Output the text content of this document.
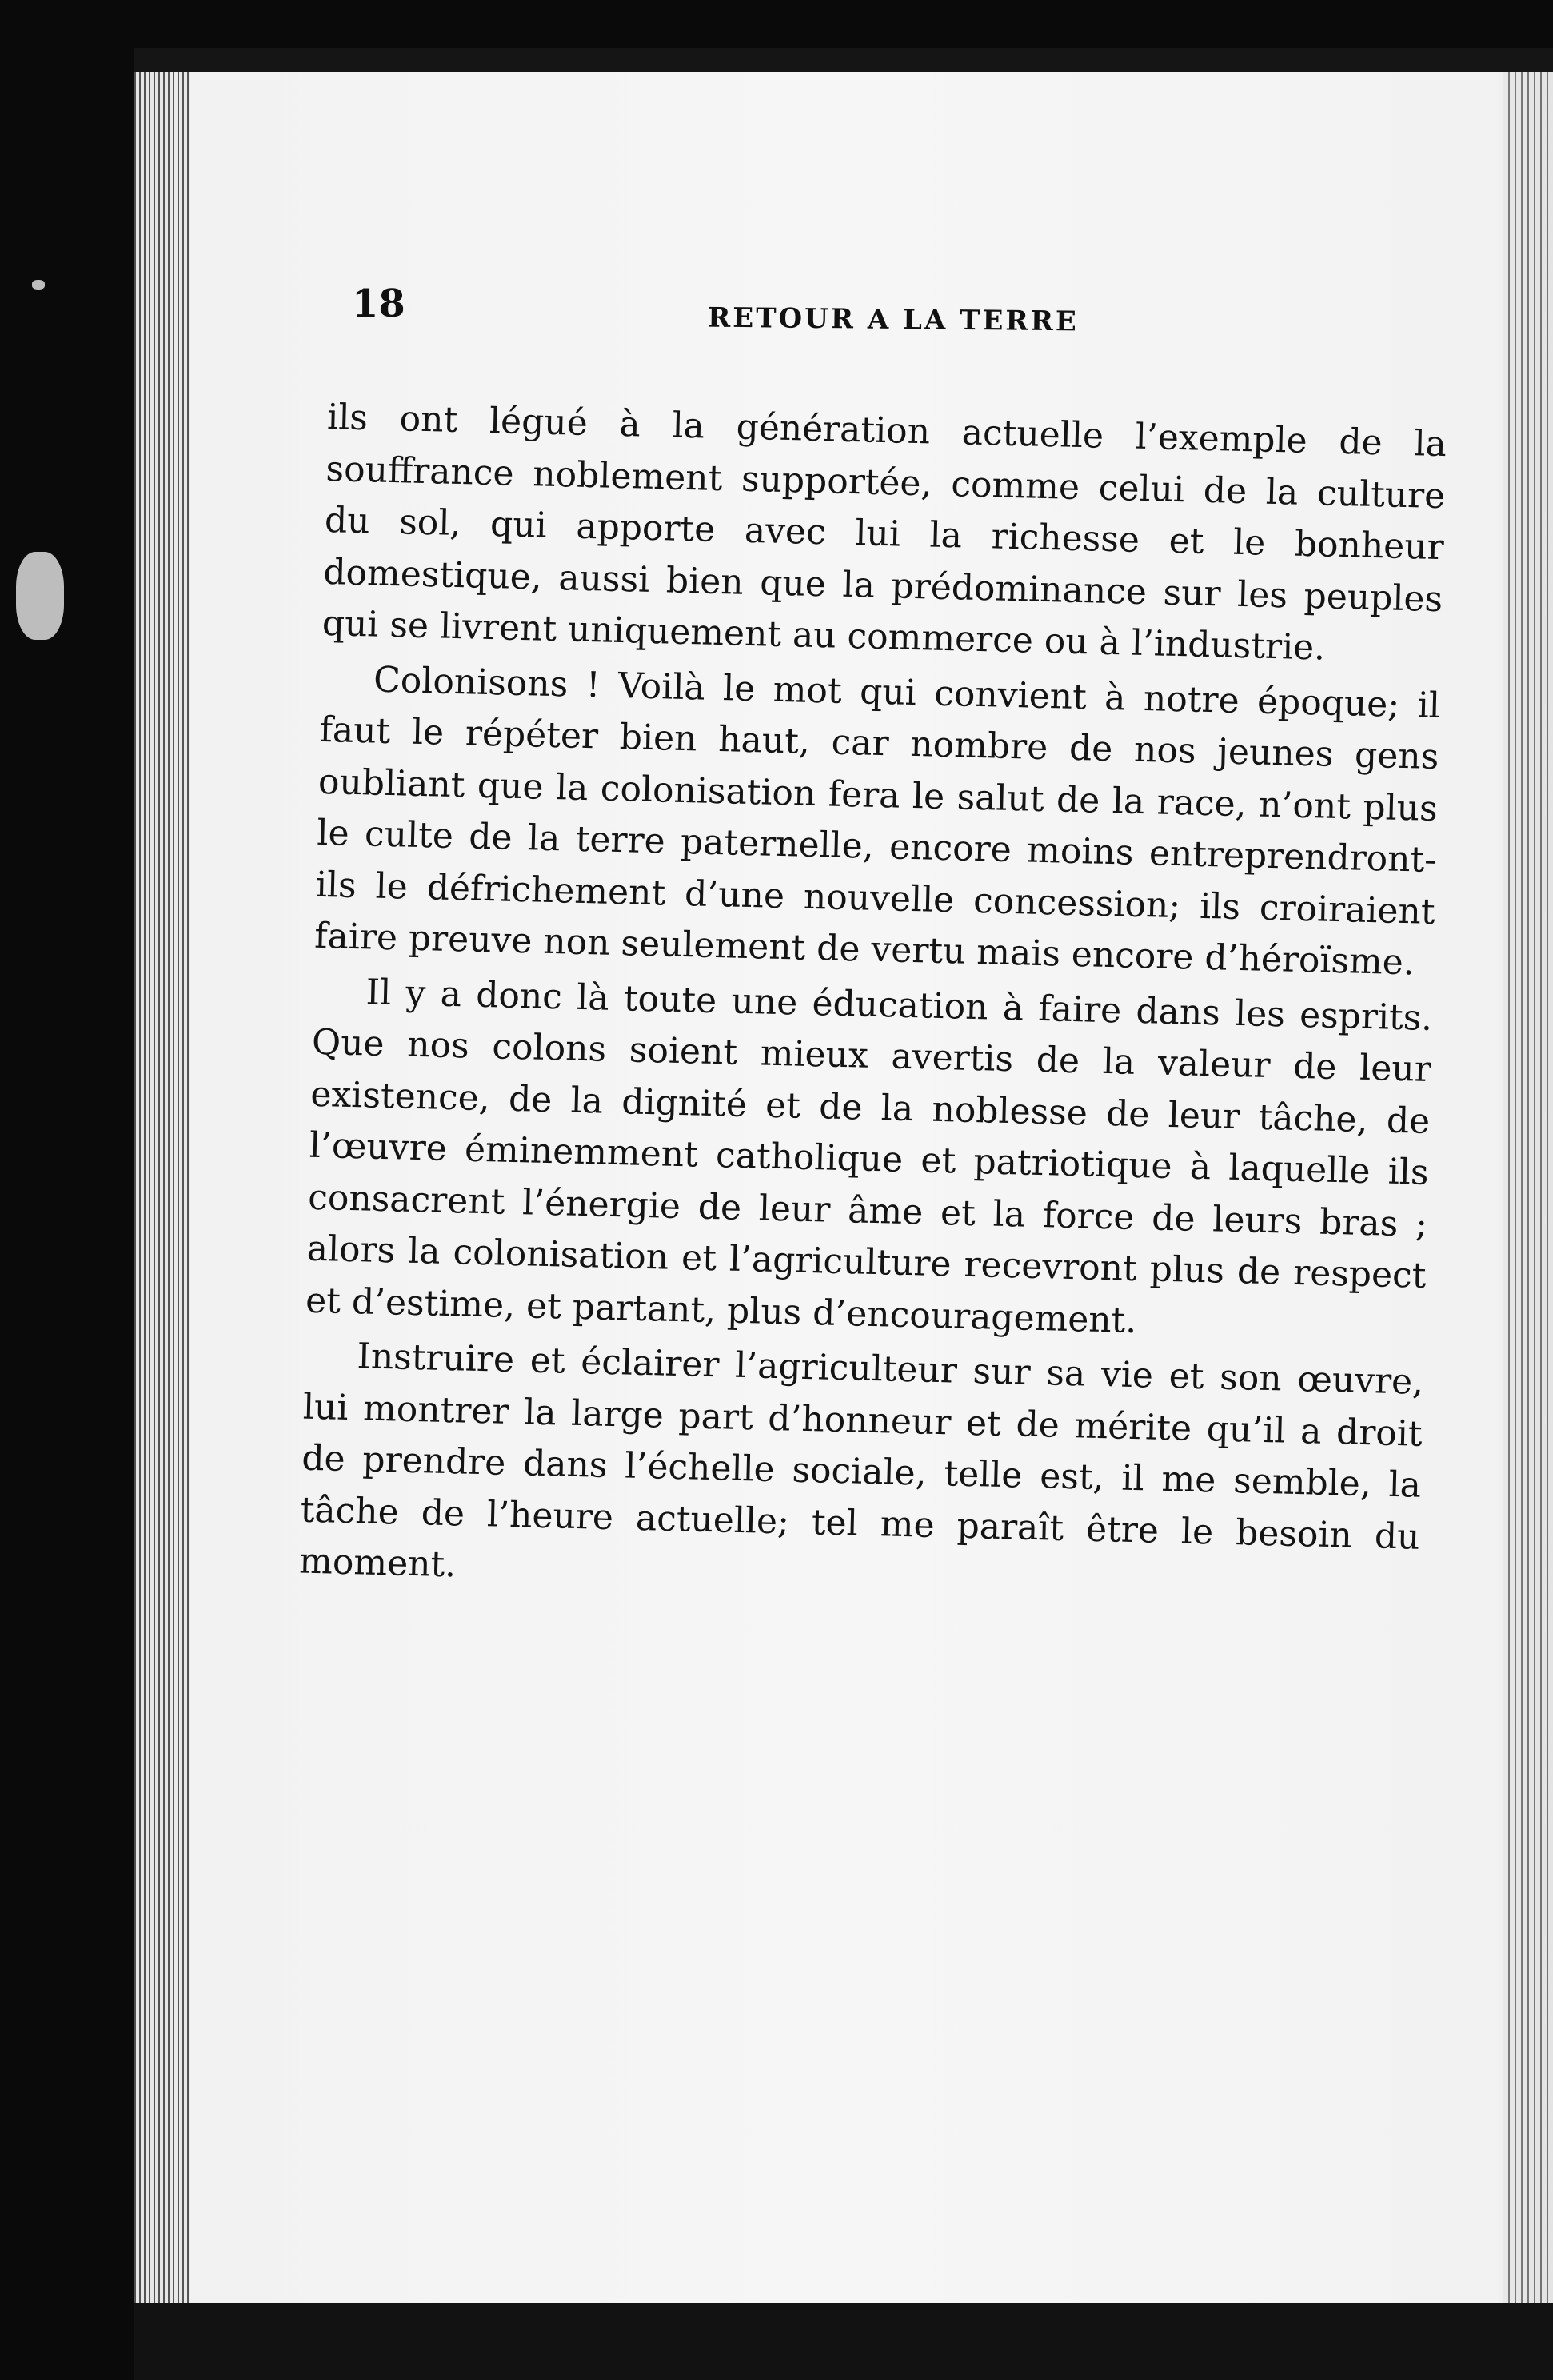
18	RETOUR A LA TERRE

ils ont légué à la génération actuelle l’exemple de la souffrance noblement supportée, comme celui de la culture du sol, qui apporte avec lui la richesse et le bonheur domestique, aussi bien que la prédominance sur les peuples qui se livrent uniquement au commerce ou à l’industrie.

Colonisons ! Voilà le mot qui convient à notre époque; il faut le répéter bien haut, car nombre de nos jeunes gens oubliant que la colonisation fera le salut de la race, n’ont plus le culte de la terre paternelle, encore moins entreprendront-ils le défrichement d’une nouvelle concession; ils croiraient faire preuve non seulement de vertu mais encore d’héroïsme.

Il y a donc là toute une éducation à faire dans les esprits. Que nos colons soient mieux avertis de la valeur de leur existence, de la dignité et de la noblesse de leur tâche, de l’œuvre éminemment catholique et patriotique à laquelle ils consacrent l’énergie de leur âme et la force de leurs bras ; alors la colonisation et l’agriculture recevront plus de respect et d’estime, et partant, plus d’encouragement.

Instruire et éclairer l’agriculteur sur sa vie et son œuvre, lui montrer la large part d’honneur et de mérite qu’il a droit de prendre dans l’échelle sociale, telle est, il me semble, la tâche de l’heure actuelle; tel me paraît être le besoin du moment.
